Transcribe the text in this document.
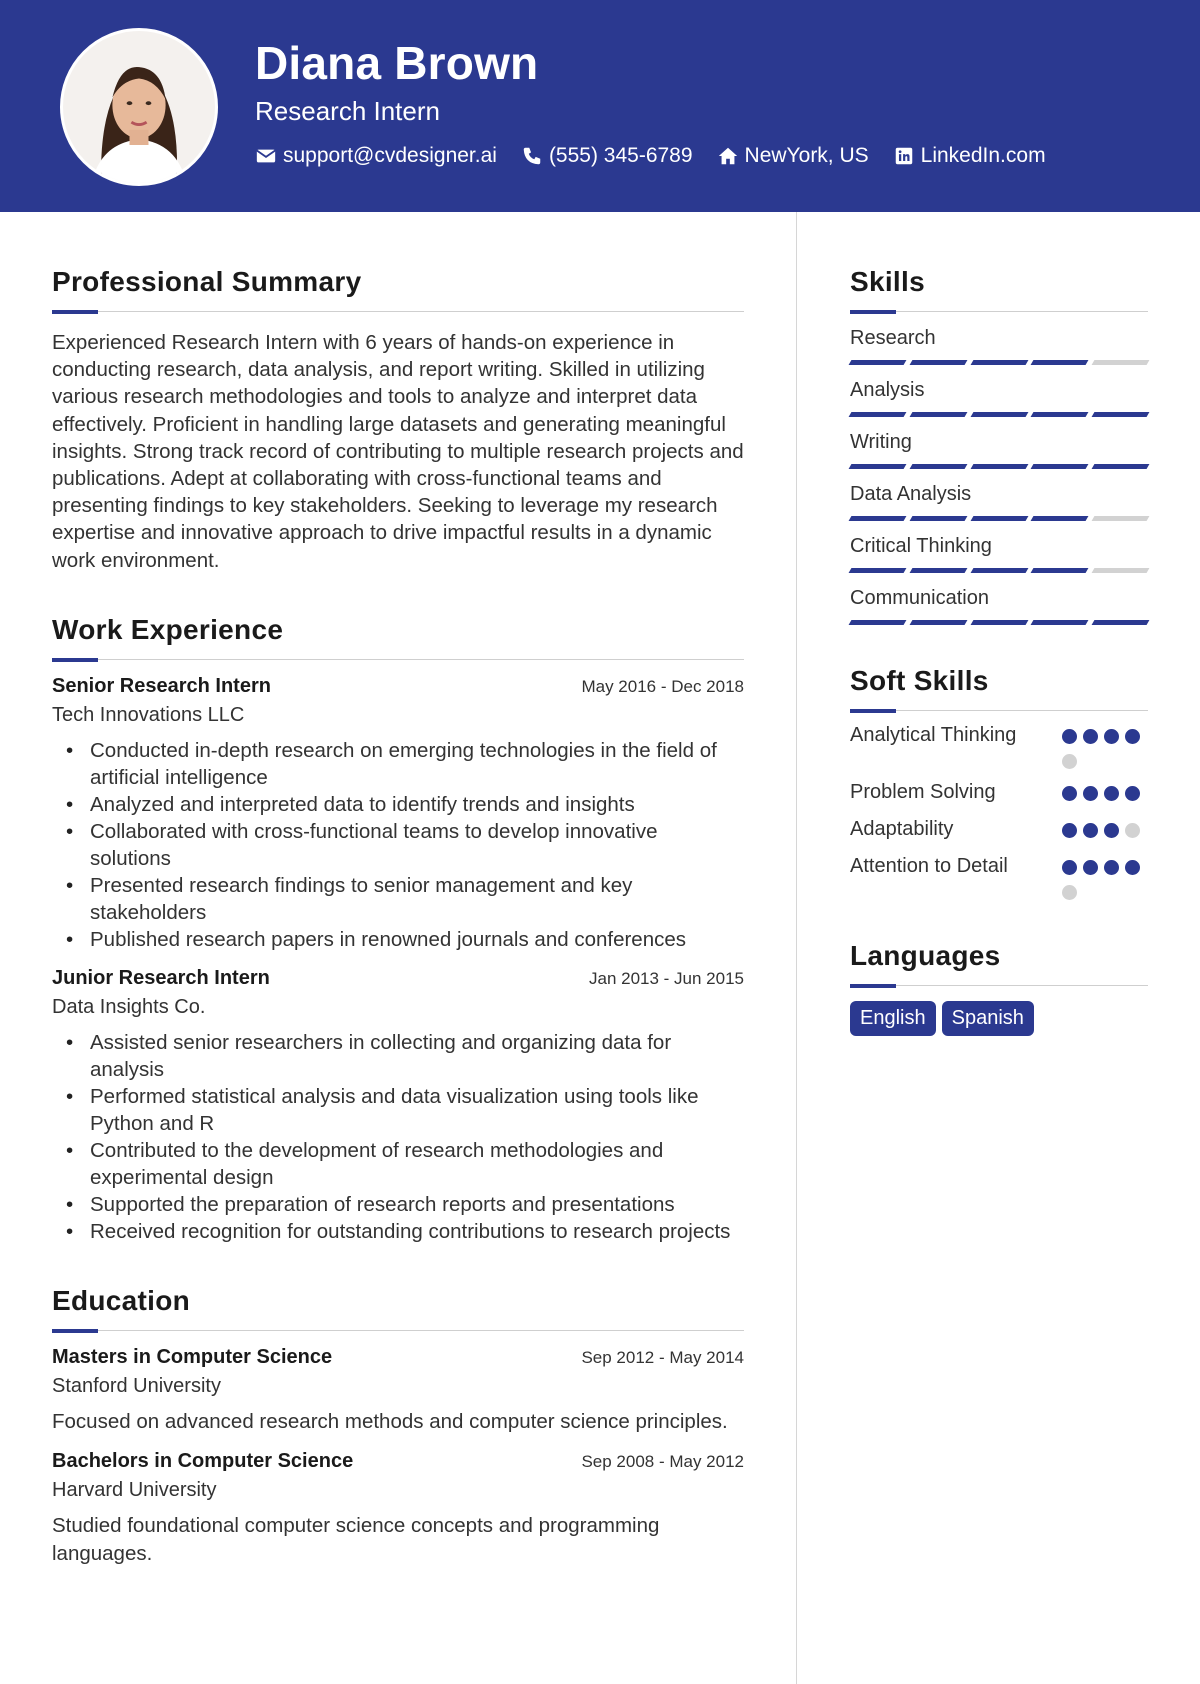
Diana Brown
Research Intern
support@cvdesigner.ai (555) 345-6789 NewYork, US LinkedIn.com
Professional Summary

Experienced Research Intern with 6 years of hands-on experience in conducting research, data analysis, and report writing. Skilled in utilizing various research methodologies and tools to analyze and interpret data effectively. Proficient in handling large datasets and generating meaningful insights. Strong track record of contributing to multiple research projects and publications. Adept at collaborating with cross-functional teams and presenting findings to key stakeholders. Seeking to leverage my research expertise and innovative approach to drive impactful results in a dynamic work environment.

Work Experience
Senior Research Intern	May 2016 - Dec 2018
Tech Innovations LLC
• Conducted in-depth research on emerging technologies in the field of artificial intelligence
• Analyzed and interpreted data to identify trends and insights
• Collaborated with cross-functional teams to develop innovative solutions
• Presented research findings to senior management and key stakeholders
• Published research papers in renowned journals and conferences
Junior Research Intern	Jan 2013 - Jun 2015
Data Insights Co.
• Assisted senior researchers in collecting and organizing data for analysis
• Performed statistical analysis and data visualization using tools like Python and R
• Contributed to the development of research methodologies and experimental design
• Supported the preparation of research reports and presentations
• Received recognition for outstanding contributions to research projects
Education
Masters in Computer Science	Sep 2012 - May 2014
Stanford University

Focused on advanced research methods and computer science principles.

Bachelors in Computer Science	Sep 2008 - May 2012
Harvard University

Studied foundational computer science concepts and programming languages.

Skills
Research
Analysis
Writing
Data Analysis
Critical Thinking
Communication
Soft Skills
Analytical Thinking
Problem Solving
Adaptability
Attention to Detail
Languages
English	Spanish
